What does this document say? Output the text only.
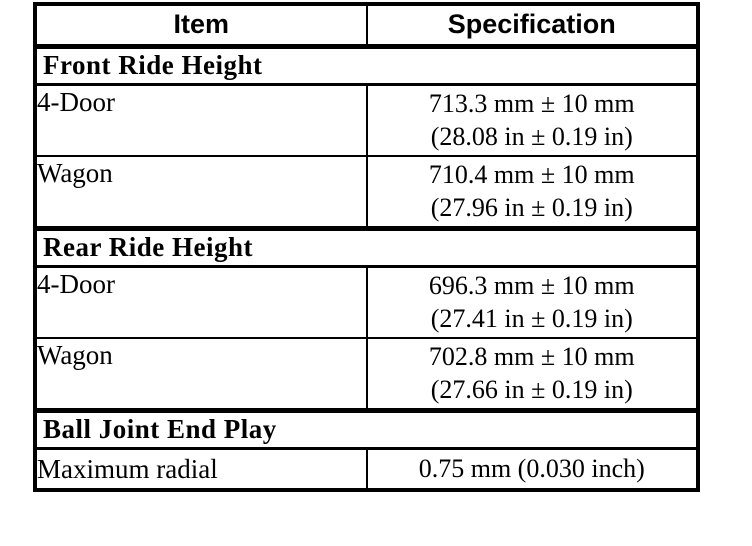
Item	Specification
Front Ride Height	
4-Door	713.3 mm ± 10 mm
(28.08 in ± 0.19 in)

Wagon	710.4 mm ± 10 mm
(27.96 in ± 0.19 in)

Rear Ride Height	
4-Door	696.3 mm ± 10 mm
(27.41 in ± 0.19 in)

Wagon	702.8 mm ± 10 mm
(27.66 in ± 0.19 in)

Ball Joint End Play	
Maximum radial	0.75 mm (0.030 inch)
